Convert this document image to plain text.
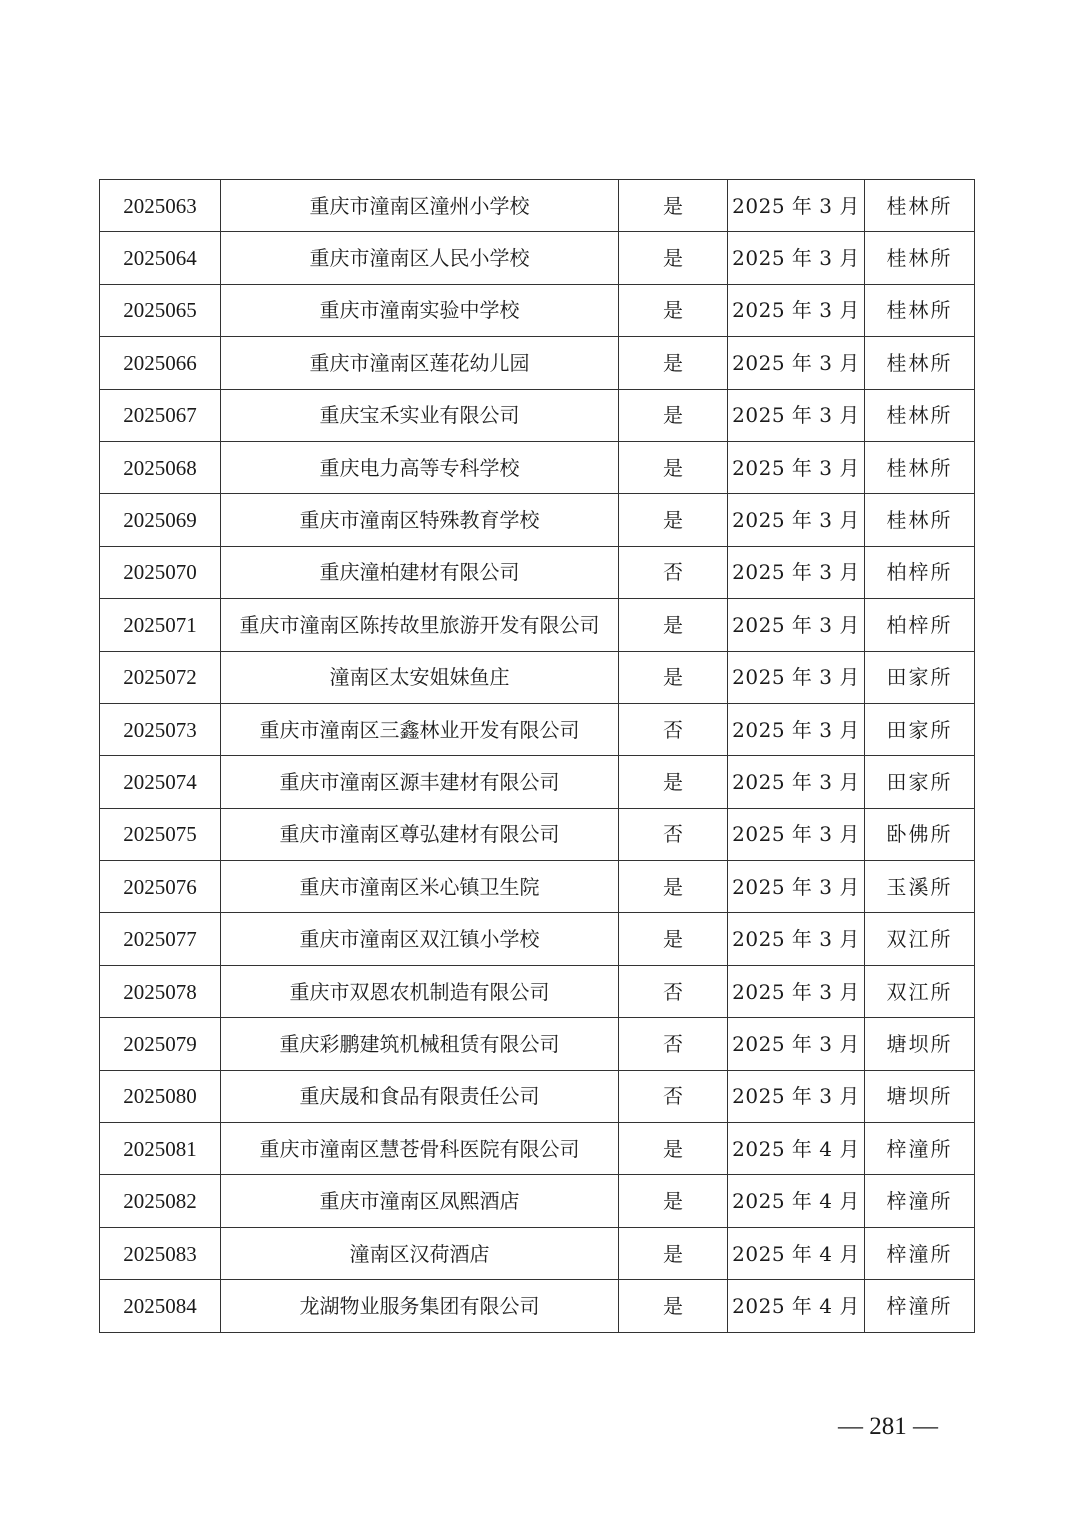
2025063	重庆市潼南区潼州小学校	是	2025 年 3 月	桂林所
2025064	重庆市潼南区人民小学校	是	2025 年 3 月	桂林所
2025065	重庆市潼南实验中学校	是	2025 年 3 月	桂林所
2025066	重庆市潼南区莲花幼儿园	是	2025 年 3 月	桂林所
2025067	重庆宝禾实业有限公司	是	2025 年 3 月	桂林所
2025068	重庆电力高等专科学校	是	2025 年 3 月	桂林所
2025069	重庆市潼南区特殊教育学校	是	2025 年 3 月	桂林所
2025070	重庆潼柏建材有限公司	否	2025 年 3 月	柏梓所
2025071	重庆市潼南区陈抟故里旅游开发有限公司	是	2025 年 3 月	柏梓所
2025072	潼南区太安姐妹鱼庄	是	2025 年 3 月	田家所
2025073	重庆市潼南区三鑫林业开发有限公司	否	2025 年 3 月	田家所
2025074	重庆市潼南区源丰建材有限公司	是	2025 年 3 月	田家所
2025075	重庆市潼南区尊弘建材有限公司	否	2025 年 3 月	卧佛所
2025076	重庆市潼南区米心镇卫生院	是	2025 年 3 月	玉溪所
2025077	重庆市潼南区双江镇小学校	是	2025 年 3 月	双江所
2025078	重庆市双恩农机制造有限公司	否	2025 年 3 月	双江所
2025079	重庆彩鹏建筑机械租赁有限公司	否	2025 年 3 月	塘坝所
2025080	重庆晟和食品有限责任公司	否	2025 年 3 月	塘坝所
2025081	重庆市潼南区慧苍骨科医院有限公司	是	2025 年 4 月	梓潼所
2025082	重庆市潼南区凤熙酒店	是	2025 年 4 月	梓潼所
2025083	潼南区汉荷酒店	是	2025 年 4 月	梓潼所
2025084	龙湖物业服务集团有限公司	是	2025 年 4 月	梓潼所
— 281 —
